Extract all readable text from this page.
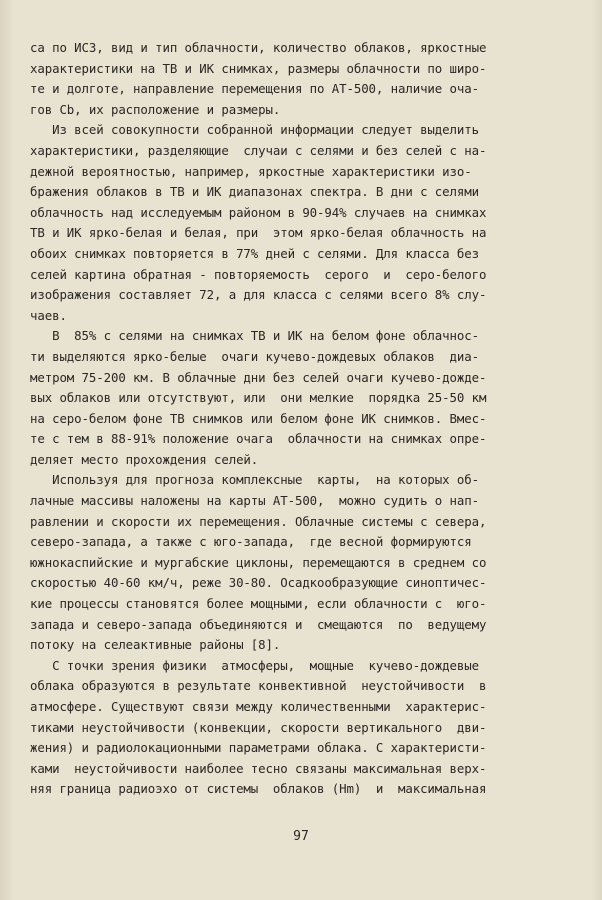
са по ИСЗ, вид и тип облачности, количество облаков, яркостные
характеристики на ТВ и ИК снимках, размеры облачности по широ-
те и долготе, направление перемещения по АТ-500, наличие оча-
гов Сb, их расположение и размеры.
Из всей совокупности собранной информации следует выделить
характеристики, разделяющие  случаи с селями и без селей с на-
дежной вероятностью, например, яркостные характеристики изо-
бражения облаков в ТВ и ИК диапазонах спектра. В дни с селями
облачность над исследуемым районом в 90-94% случаев на снимках
ТВ и ИК ярко-белая и белая, при  этом ярко-белая облачность на
обоих снимках повторяется в 77% дней с селями. Для класса без
селей картина обратная - повторяемость  серого  и  серо-белого
изображения составляет 72, а для класса с селями всего 8% слу-
чаев.
В  85% с селями на снимках ТВ и ИК на белом фоне облачнос-
ти выделяются ярко-белые  очаги кучево-дождевых облаков  диа-
метром 75-200 км. В облачные дни без селей очаги кучево-дожде-
вых облаков или отсутствуют, или  они мелкие  порядка 25-50 км
на серо-белом фоне ТВ снимков или белом фоне ИК снимков. Вмес-
те с тем в 88-91% положение очага  облачности на снимках опре-
деляет место прохождения селей.
Используя для прогноза комплексные  карты,  на которых об-
лачные массивы наложены на карты АТ-500,  можно судить о нап-
равлении и скорости их перемещения. Облачные системы с севера,
северо-запада, а также с юго-запада,  где весной формируются
южнокаспийские и мургабские циклоны, перемещаются в среднем со
скоростью 40-60 км/ч, реже 30-80. Осадкообразующие синоптичес-
кие процессы становятся более мощными, если облачности с  юго-
запада и северо-запада объединяются и  смещаются  по  ведущему
потоку на селеактивные районы [8].
С точки зрения физики  атмосферы,  мощные  кучево-дождевые
облака образуются в результате конвективной  неустойчивости  в
атмосфере. Существуют связи между количественными  характерис-
тиками неустойчивости (конвекции, скорости вертикального  дви-
жения) и радиолокационными параметрами облака. С характеристи-
ками  неустойчивости наиболее тесно связаны максимальная верх-
няя граница радиоэхо от системы  облаков (Hm)  и  максимальная
97
